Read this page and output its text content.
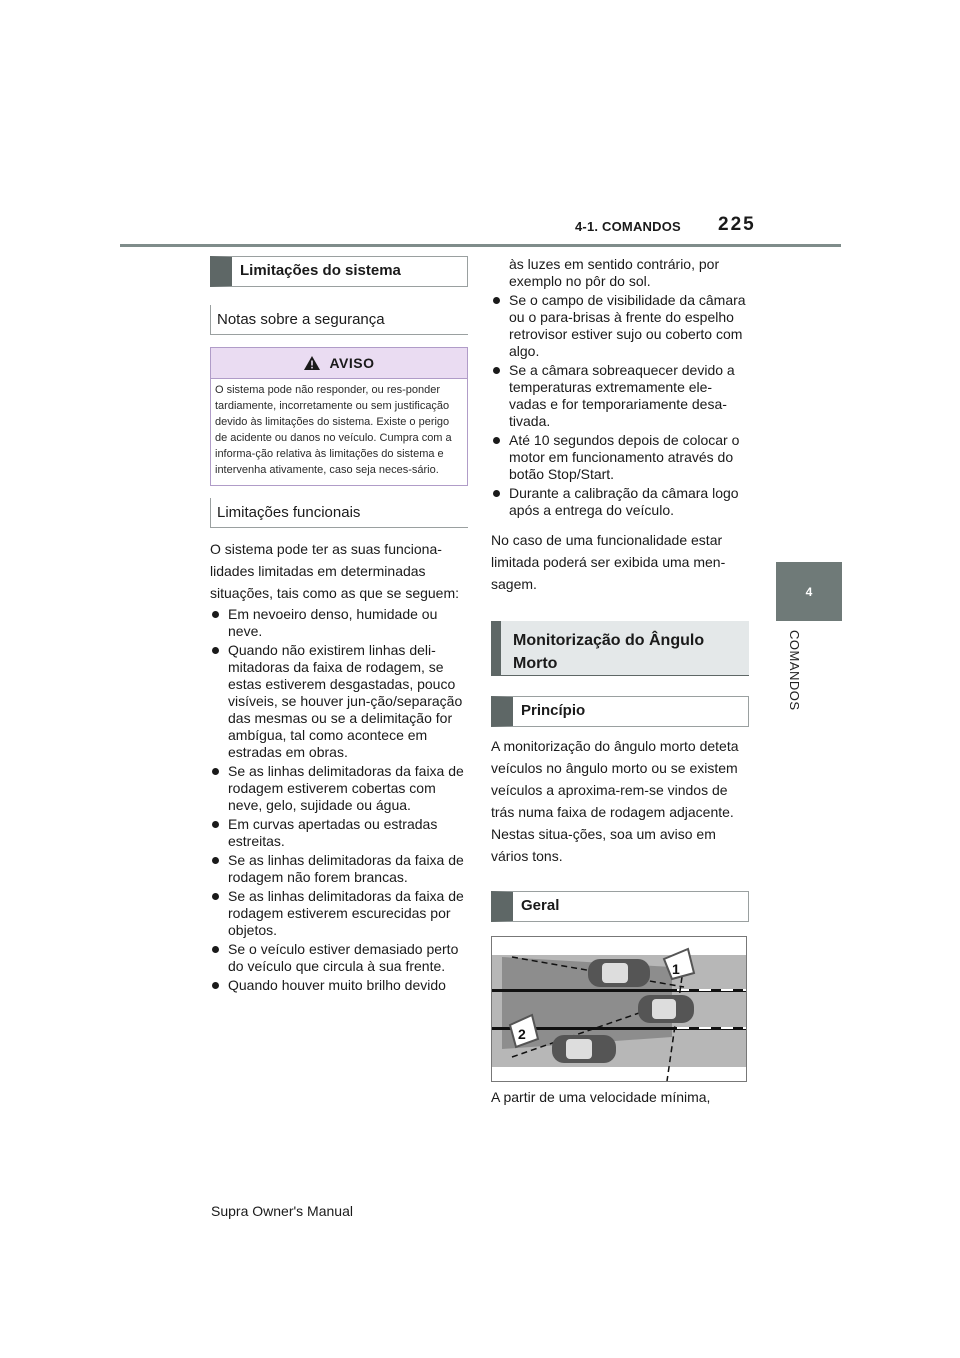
4-1. COMANDOS 225
4
COMANDOS
Limitações do sistema
Notas sobre a segurança
AVISO
O sistema pode não responder, ou res-ponder tardiamente, incorretamente ou sem justificação devido às limitações do sistema. Existe o perigo de acidente ou danos no veículo. Cumpra com a informa-ção relativa às limitações do sistema e intervenha ativamente, caso seja neces-sário.
Limitações funcionais

O sistema pode ter as suas funciona-lidades limitadas em determinadas situações, tais como as que se seguem:

Em nevoeiro denso, humidade ou neve.
Quando não existirem linhas deli-mitadoras da faixa de rodagem, se estas estiverem desgastadas, pouco visíveis, se houver jun-ção/separação das mesmas ou se a delimitação for ambígua, tal como acontece em estradas em obras.
Se as linhas delimitadoras da faixa de rodagem estiverem cobertas com neve, gelo, sujidade ou água.
Em curvas apertadas ou estradas estreitas.
Se as linhas delimitadoras da faixa de rodagem não forem brancas.
Se as linhas delimitadoras da faixa de rodagem estiverem escurecidas por objetos.
Se o veículo estiver demasiado perto do veículo que circula à sua frente.
Quando houver muito brilho devido

às luzes em sentido contrário, por exemplo no pôr do sol.

Se o campo de visibilidade da câmara ou o para-brisas à frente do espelho retrovisor estiver sujo ou coberto com algo.
Se a câmara sobreaquecer devido a temperaturas extremamente ele-vadas e for temporariamente desa-tivada.
Até 10 segundos depois de colocar o motor em funcionamento através do botão Stop/Start.
Durante a calibração da câmara logo após a entrega do veículo.

No caso de uma funcionalidade estar limitada poderá ser exibida uma men-sagem.

Monitorização do Ângulo Morto
Princípio

A monitorização do ângulo morto deteta veículos no ângulo morto ou se existem veículos a aproxima-rem-se vindos de trás numa faixa de rodagem adjacente. Nestas situa-ções, soa um aviso em vários tons.

Geral
1
2

A partir de uma velocidade mínima,

Supra Owner's Manual
